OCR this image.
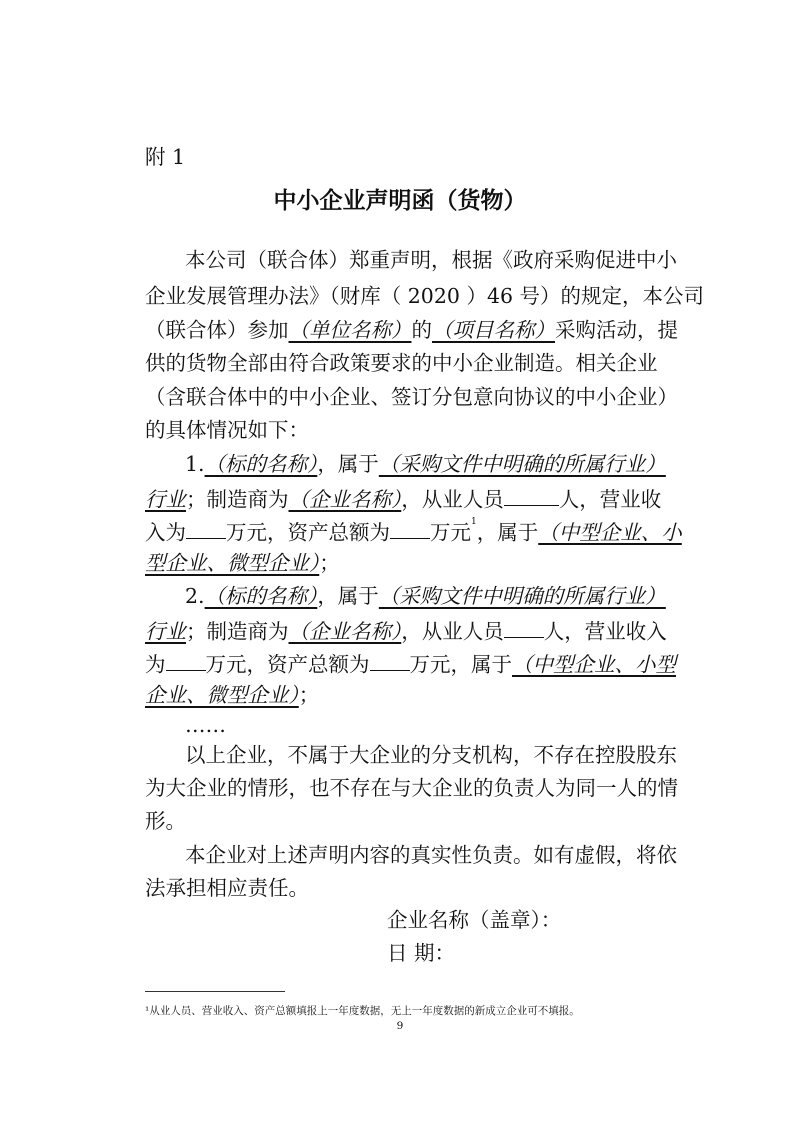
附 1
中小企业声明函（货物）
本公司（联合体）郑重声明，根据《政府采购促进中小
企业发展管理办法》（财库（ 2020 ）46 号）的规定，本公司
（联合体）参加（单位名称）的（项目名称）采购活动，提
供的货物全部由符合政策要求的中小企业制造。相关企业
（含联合体中的中小企业、签订分包意向协议的中小企业）
的具体情况如下：
1.（标的名称），属于（采购文件中明确的所属行业）
行业；制造商为（企业名称），从业人员	人，营业收
入为 万元，资产总额为 万元$^1$，属于（中型企业、小
型企业、微型企业）；
2.（标的名称），属于（采购文件中明确的所属行业）
行业；制造商为（企业名称），从业人员 人，营业收入
为 万元，资产总额为 万元，属于（中型企业、小型
企业、微型企业）；
……
以上企业，不属于大企业的分支机构，不存在控股股东
为大企业的情形，也不存在与大企业的负责人为同一人的情
形。
本企业对上述声明内容的真实性负责。如有虚假，将依
法承担相应责任。
企业名称（盖章）：
日 期：
¹从业人员、营业收入、资产总额填报上一年度数据，无上一年度数据的新成立企业可不填报。
9
